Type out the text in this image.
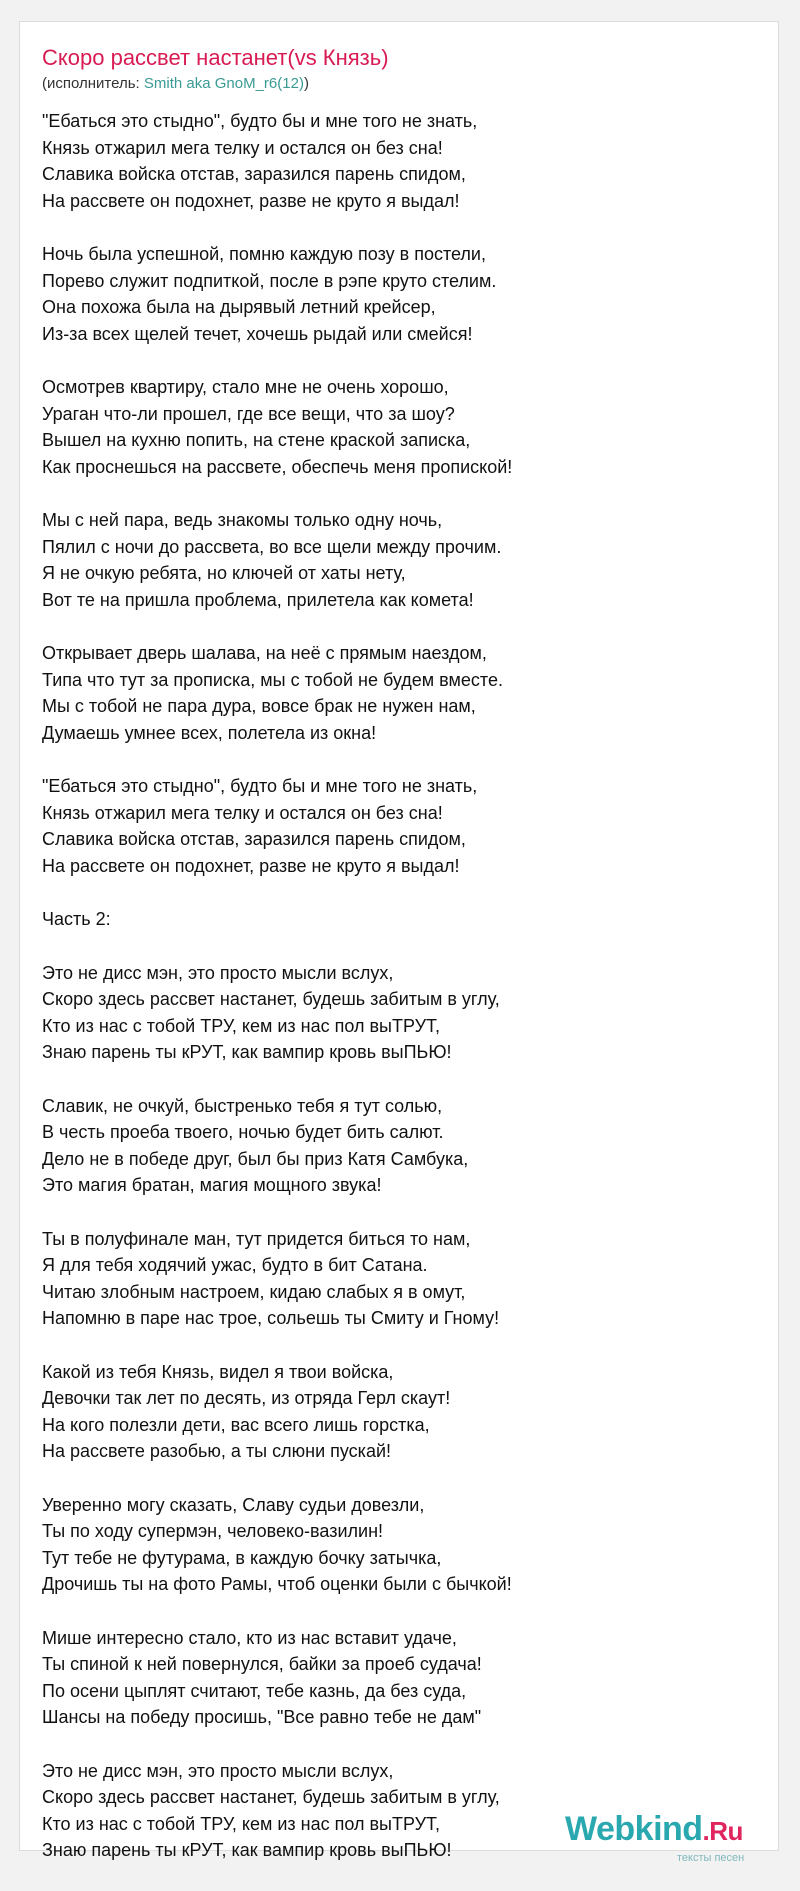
Скоро рассвет настанет(vs Князь)
(исполнитель: Smith aka GnoM_r6(12))
"Ебаться это стыдно", будто бы и мне того не знать,
Князь отжарил мега телку и остался он без сна!
Славика войска отстав, заразился парень спидом,
На рассвете он подохнет, разве не круто я выдал!
Ночь была успешной, помню каждую позу в постели,
Порево служит подпиткой, после в рэпе круто стелим.
Она похожа была на дырявый летний крейсер,
Из-за всех щелей течет, хочешь рыдай или смейся!
Осмотрев квартиру, стало мне не очень хорошо,
Ураган что-ли прошел, где все вещи, что за шоу?
Вышел на кухню попить, на стене краской записка,
Как проснешься на рассвете, обеспечь меня пропиской!
Мы с ней пара, ведь знакомы только одну ночь,
Пялил с ночи до рассвета, во все щели между прочим.
Я не очкую ребята, но ключей от хаты нету,
Вот те на пришла проблема, прилетела как комета!
Открывает дверь шалава, на неё с прямым наездом,
Типа что тут за прописка, мы с тобой не будем вместе.
Мы с тобой не пара дура, вовсе брак не нужен нам,
Думаешь умнее всех, полетела из окна!
"Ебаться это стыдно", будто бы и мне того не знать,
Князь отжарил мега телку и остался он без сна!
Славика войска отстав, заразился парень спидом,
На рассвете он подохнет, разве не круто я выдал!
Часть 2:
Это не дисс мэн, это просто мысли вслух,
Скоро здесь рассвет настанет, будешь забитым в углу,
Кто из нас с тобой ТРУ, кем из нас пол выТРУТ,
Знаю парень ты кРУТ, как вампир кровь выПЬЮ!
Славик, не очкуй, быстренько тебя я тут солью,
В честь проеба твоего, ночью будет бить салют.
Дело не в победе друг, был бы приз Катя Самбука,
Это магия братан, магия мощного звука!
Ты в полуфинале ман, тут придется биться то нам,
Я для тебя ходячий ужас, будто в бит Сатана.
Читаю злобным настроем, кидаю слабых я в омут,
Напомню в паре нас трое, сольешь ты Смиту и Гному!
Какой из тебя Князь, видел я твои войска,
Девочки так лет по десять, из отряда Герл скаут!
На кого полезли дети, вас всего лишь горстка,
На рассвете разобью, а ты слюни пускай!
Уверенно могу сказать, Славу судьи довезли,
Ты по ходу супермэн, человеко-вазилин!
Тут тебе не футурама, в каждую бочку затычка,
Дрочишь ты на фото Рамы, чтоб оценки были с бычкой!
Мише интересно стало, кто из нас вставит удаче,
Ты спиной к ней повернулся, байки за проеб судача!
По осени цыплят считают, тебе казнь, да без суда,
Шансы на победу просишь, "Все равно тебе не дам"
Это не дисс мэн, это просто мысли вслух,
Скоро здесь рассвет настанет, будешь забитым в углу,
Кто из нас с тобой ТРУ, кем из нас пол выТРУТ,
Знаю парень ты кРУТ, как вампир кровь выПЬЮ!
Webkind.Ru
тексты песен
